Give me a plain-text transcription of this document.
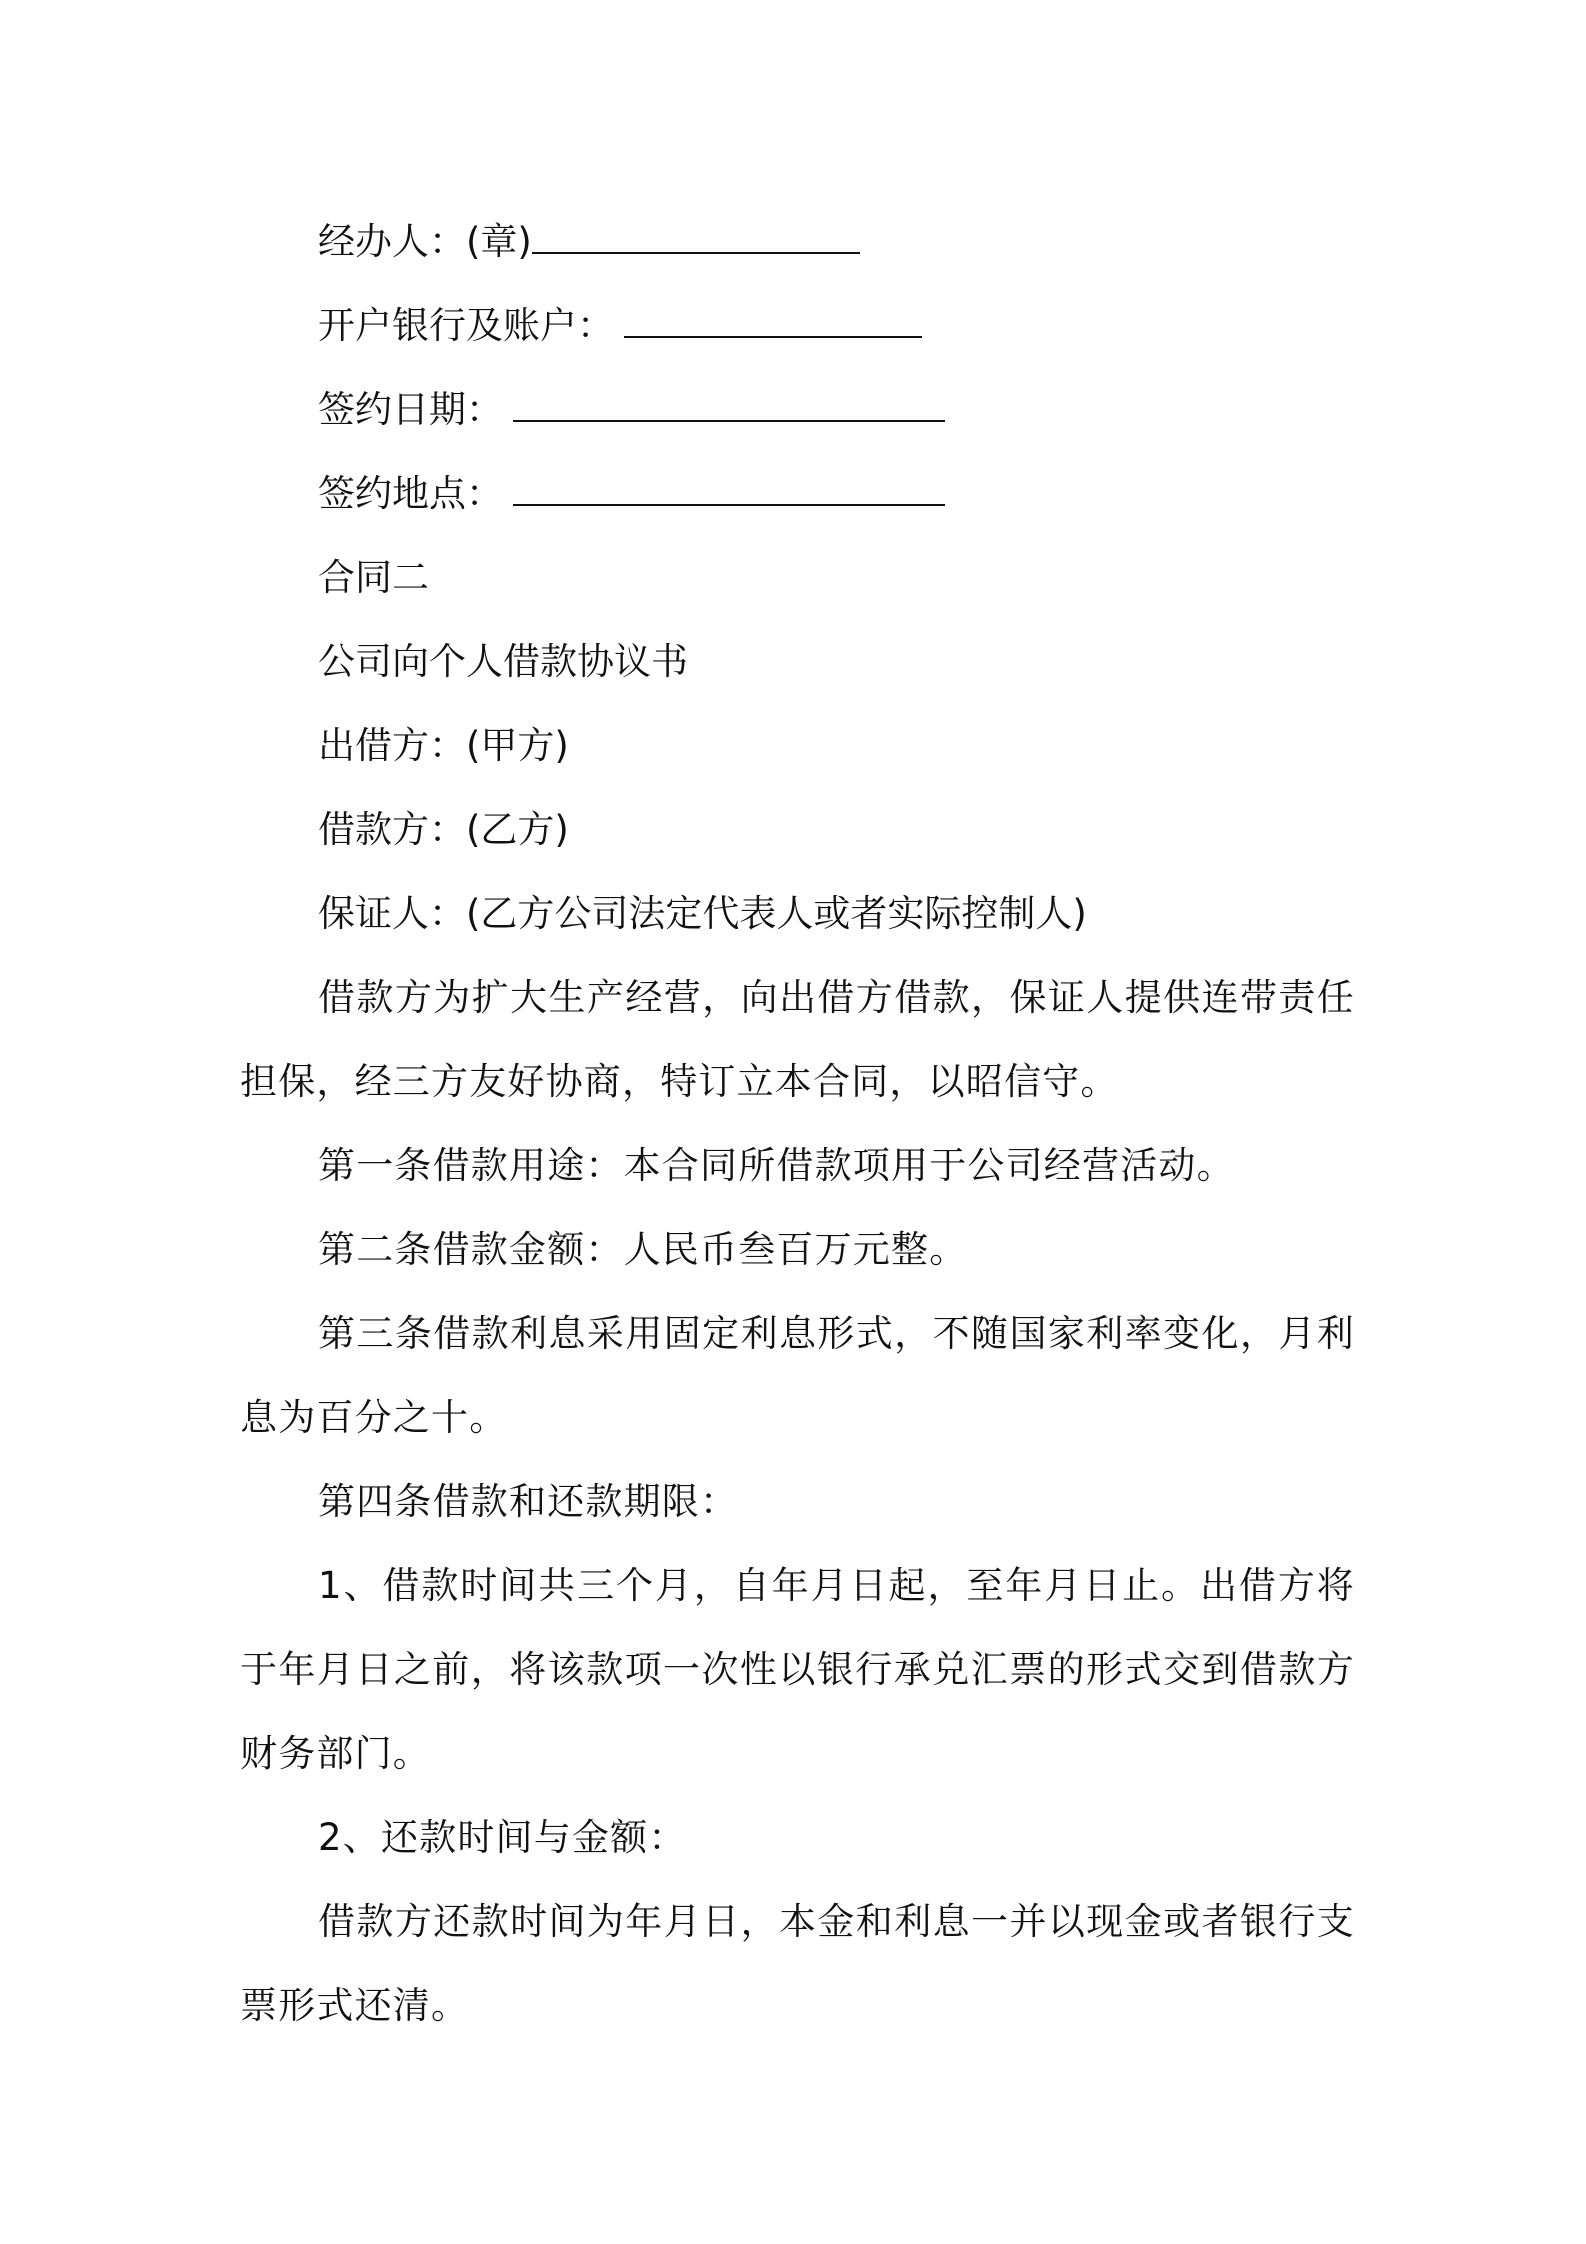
经办人：(章)
开户银行及账户：
签约日期：
签约地点：
合同二
公司向个人借款协议书
出借方：(甲方)
借款方：(乙方)
保证人：(乙方公司法定代表人或者实际控制人)
借款方为扩大生产经营，向出借方借款，保证人提供连带责任担保，经三方友好协商，特订立本合同，以昭信守。
第一条借款用途：本合同所借款项用于公司经营活动。
第二条借款金额：人民币叁百万元整。
第三条借款利息采用固定利息形式，不随国家利率变化，月利息为百分之十。
第四条借款和还款期限：
1、借款时间共三个月，自年月日起，至年月日止。出借方将于年月日之前，将该款项一次性以银行承兑汇票的形式交到借款方财务部门。
2、还款时间与金额：
借款方还款时间为年月日，本金和利息一并以现金或者银行支票形式还清。
